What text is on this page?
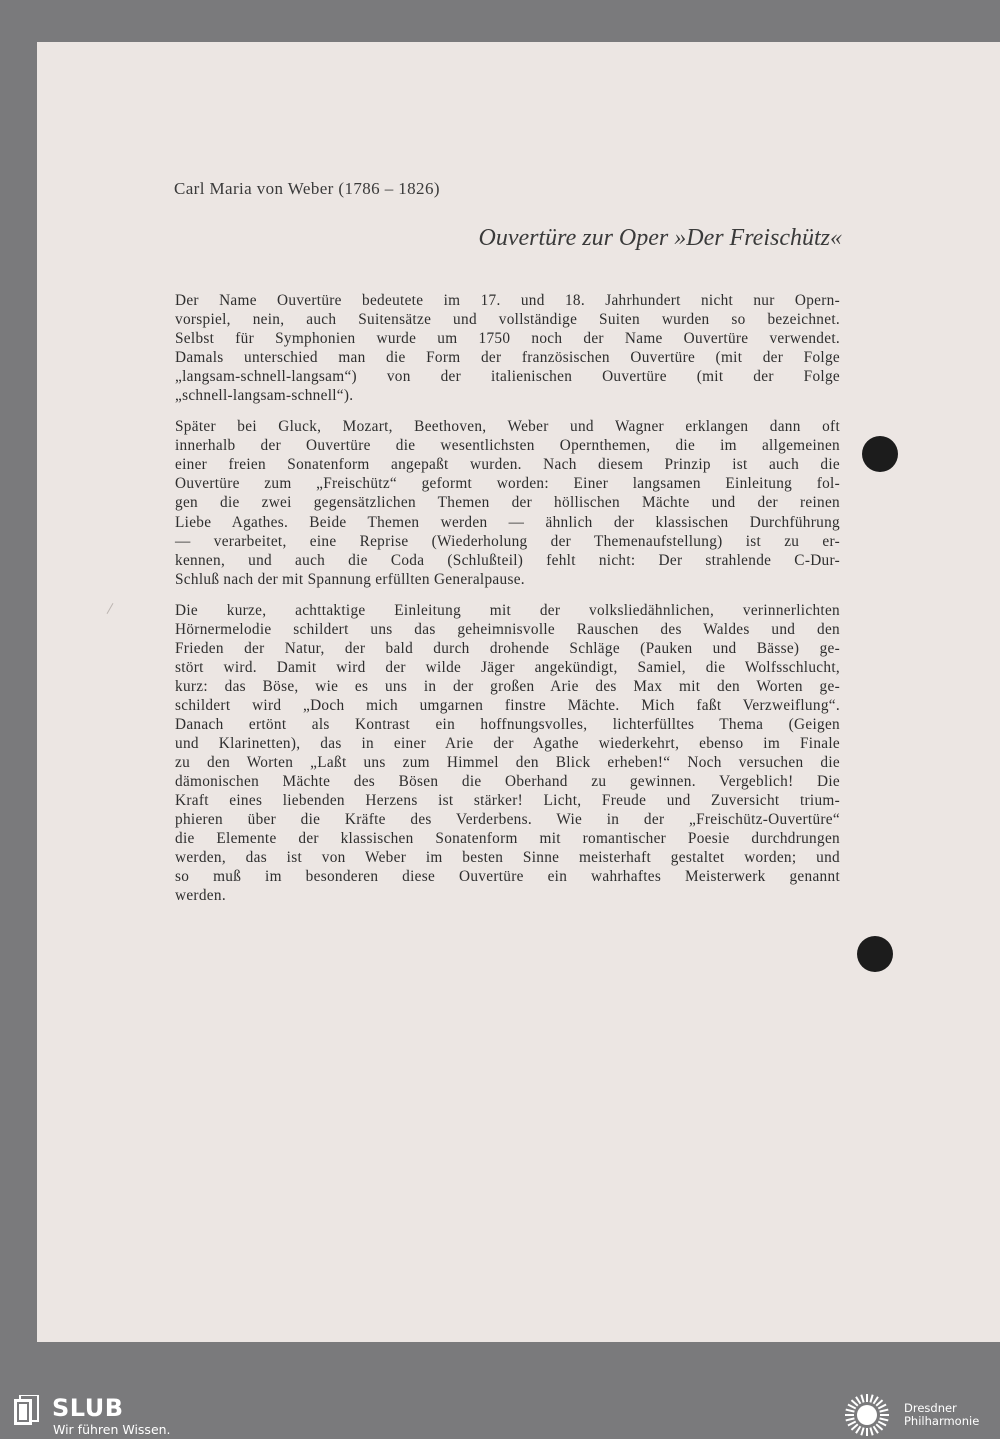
Carl Maria von Weber (1786 – 1826)

Ouvertüre zur Oper »Der Freischütz«

Der Name Ouvertüre bedeutete im 17. und 18. Jahrhundert nicht nur Opern-
vorspiel, nein, auch Suitensätze und vollständige Suiten wurden so bezeichnet.
Selbst für Symphonien wurde um 1750 noch der Name Ouvertüre verwendet.
Damals unterschied man die Form der französischen Ouvertüre (mit der Folge
„langsam-schnell-langsam“) von der italienischen Ouvertüre (mit der Folge
„schnell-langsam-schnell“).

Später bei Gluck, Mozart, Beethoven, Weber und Wagner erklangen dann oft
innerhalb der Ouvertüre die wesentlichsten Opernthemen, die im allgemeinen
einer freien Sonatenform angepaßt wurden. Nach diesem Prinzip ist auch die
Ouvertüre zum „Freischütz“ geformt worden: Einer langsamen Einleitung fol-
gen die zwei gegensätzlichen Themen der höllischen Mächte und der reinen
Liebe Agathes. Beide Themen werden — ähnlich der klassischen Durchführung
— verarbeitet, eine Reprise (Wiederholung der Themenaufstellung) ist zu er-
kennen, und auch die Coda (Schlußteil) fehlt nicht: Der strahlende C-Dur-
Schluß nach der mit Spannung erfüllten Generalpause.

Die kurze, achttaktige Einleitung mit der volksliedähnlichen, verinnerlichten
Hörnermelodie schildert uns das geheimnisvolle Rauschen des Waldes und den
Frieden der Natur, der bald durch drohende Schläge (Pauken und Bässe) ge-
stört wird. Damit wird der wilde Jäger angekündigt, Samiel, die Wolfsschlucht,
kurz: das Böse, wie es uns in der großen Arie des Max mit den Worten ge-
schildert wird „Doch mich umgarnen finstre Mächte. Mich faßt Verzweiflung“.
Danach ertönt als Kontrast ein hoffnungsvolles, lichterfülltes Thema (Geigen
und Klarinetten), das in einer Arie der Agathe wiederkehrt, ebenso im Finale
zu den Worten „Laßt uns zum Himmel den Blick erheben!“ Noch versuchen die
dämonischen Mächte des Bösen die Oberhand zu gewinnen. Vergeblich! Die
Kraft eines liebenden Herzens ist stärker! Licht, Freude und Zuversicht trium-
phieren über die Kräfte des Verderbens. Wie in der „Freischütz-Ouvertüre“
die Elemente der klassischen Sonatenform mit romantischer Poesie durchdrungen
werden, das ist von Weber im besten Sinne meisterhaft gestaltet worden; und
so muß im besonderen diese Ouvertüre ein wahrhaftes Meisterwerk genannt
werden.

SLUB

Wir führen Wissen.

Dresdner
Philharmonie
